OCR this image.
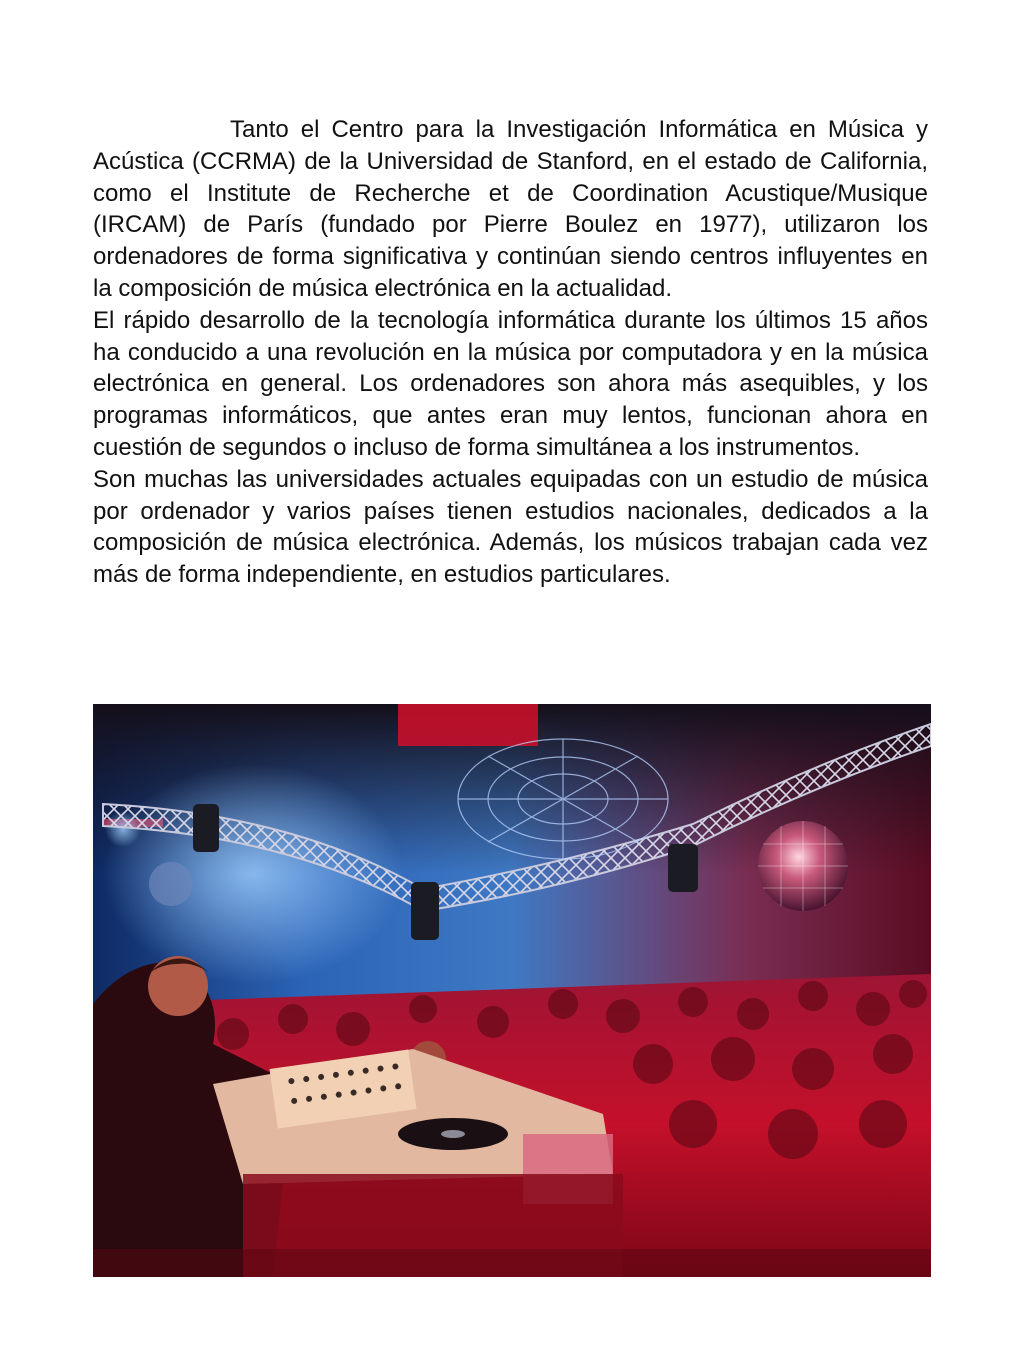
Tanto el Centro para la Investigación Informática en Música y Acústica (CCRMA) de la Universidad de Stanford, en el estado de California, como el Institute de Recherche et de Coordination Acustique/Musique (IRCAM) de París (fundado por Pierre Boulez en 1977), utilizaron los ordenadores de forma significativa y continúan siendo centros influyentes en la composición de música electrónica en la actualidad.

El rápido desarrollo de la tecnología informática durante los últimos 15 años ha conducido a una revolución en la música por computadora y en la música electrónica en general. Los ordenadores son ahora más asequibles, y los programas informáticos, que antes eran muy lentos, funcionan ahora en cuestión de segundos o incluso de forma simultánea a los instrumentos.

Son muchas las universidades actuales equipadas con un estudio de música por ordenador y varios países tienen estudios nacionales, dedicados a la composición de música electrónica. Además, los músicos trabajan cada vez más de forma independiente, en estudios particulares.
